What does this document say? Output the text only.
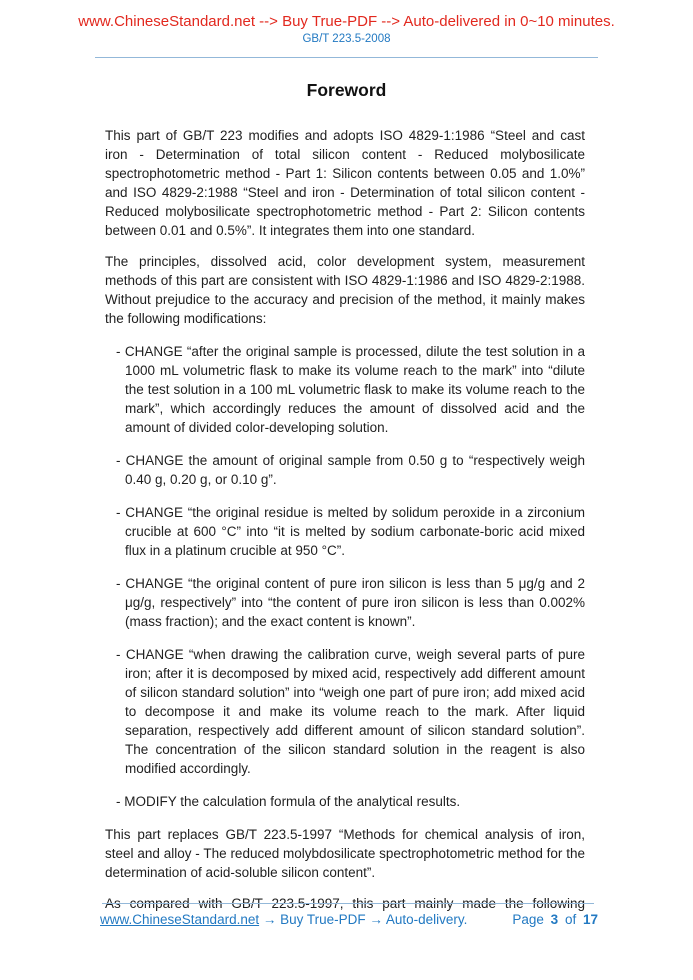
www.ChineseStandard.net --> Buy True-PDF --> Auto-delivered in 0~10 minutes.
GB/T 223.5-2008
Foreword

This part of GB/T 223 modifies and adopts ISO 4829-1:1986 “Steel and cast iron - Determination of total silicon content - Reduced molybosilicate spectrophotometric method - Part 1: Silicon contents between 0.05 and 1.0%” and ISO 4829-2:1988 “Steel and iron - Determination of total silicon content - Reduced molybosilicate spectrophotometric method - Part 2: Silicon contents between 0.01 and 0.5%”. It integrates them into one standard.

The principles, dissolved acid, color development system, measurement methods of this part are consistent with ISO 4829-1:1986 and ISO 4829-2:1988. Without prejudice to the accuracy and precision of the method, it mainly makes the following modifications:

- CHANGE “after the original sample is processed, dilute the test solution in a 1000 mL volumetric flask to make its volume reach to the mark” into “dilute the test solution in a 100 mL volumetric flask to make its volume reach to the mark”, which accordingly reduces the amount of dissolved acid and the amount of divided color-developing solution.

- CHANGE the amount of original sample from 0.50 g to “respectively weigh 0.40 g, 0.20 g, or 0.10 g”.

- CHANGE “the original residue is melted by solidum peroxide in a zirconium crucible at 600 °C” into “it is melted by sodium carbonate-boric acid mixed flux in a platinum crucible at 950 °C”.

- CHANGE “the original content of pure iron silicon is less than 5 μg/g and 2 μg/g, respectively” into “the content of pure iron silicon is less than 0.002% (mass fraction); and the exact content is known”.

- CHANGE “when drawing the calibration curve, weigh several parts of pure iron; after it is decomposed by mixed acid, respectively add different amount of silicon standard solution” into “weigh one part of pure iron; add mixed acid to decompose it and make its volume reach to the mark. After liquid separation, respectively add different amount of silicon standard solution”. The concentration of the silicon standard solution in the reagent is also modified accordingly.

- MODIFY the calculation formula of the analytical results.

This part replaces GB/T 223.5-1997 “Methods for chemical analysis of iron, steel and alloy - The reduced molybdosilicate spectrophotometric method for the determination of acid-soluble silicon content”.

As compared with GB/T 223.5-1997, this part mainly made the following

www.ChineseStandard.net → Buy True-PDF → Auto-delivery.	Page 3 of 17
